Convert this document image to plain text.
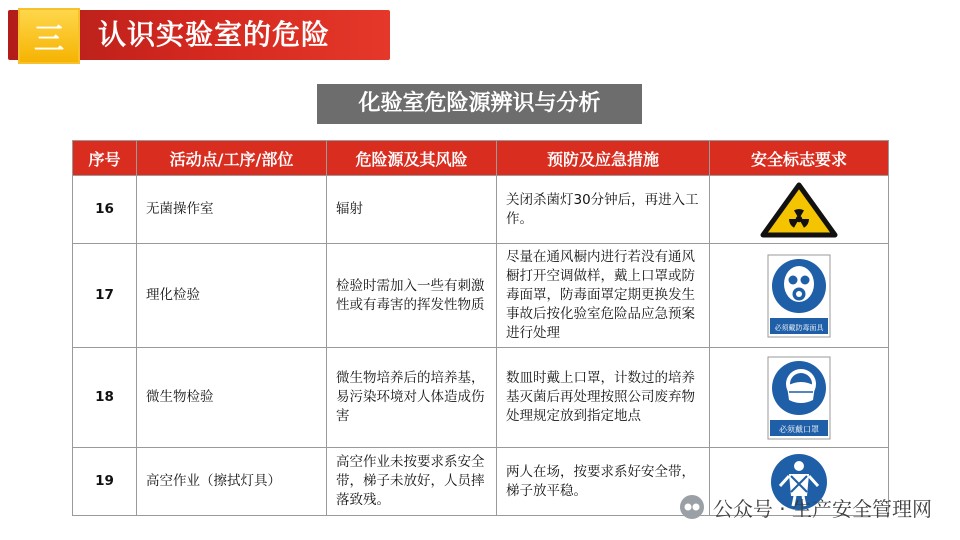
三	认识实验室的危险
化验室危险源辨识与分析
序号	活动点/工序/部位	危险源及其风险	预防及应急措施	安全标志要求
16	无菌操作室	辐射	关闭杀菌灯30分钟后，再进入工作。	
17	理化检验	检验时需加入一些有刺激性或有毒害的挥发性物质	尽量在通风橱内进行若没有通风橱打开空调做样，戴上口罩或防毒面罩，防毒面罩定期更换发生事故后按化验室危险品应急预案进行处理	必须戴防毒面具

18	微生物检验	微生物培养后的培养基，易污染环境对人体造成伤害	数皿时戴上口罩，计数过的培养基灭菌后再处理按照公司废弃物处理规定放到指定地点	必须戴口罩

19	高空作业（擦拭灯具）	高空作业未按要求系安全带，梯子未放好，人员摔落致残。	两人在场，按要求系好安全带，梯子放平稳。	
公众号 · 生产安全管理网
